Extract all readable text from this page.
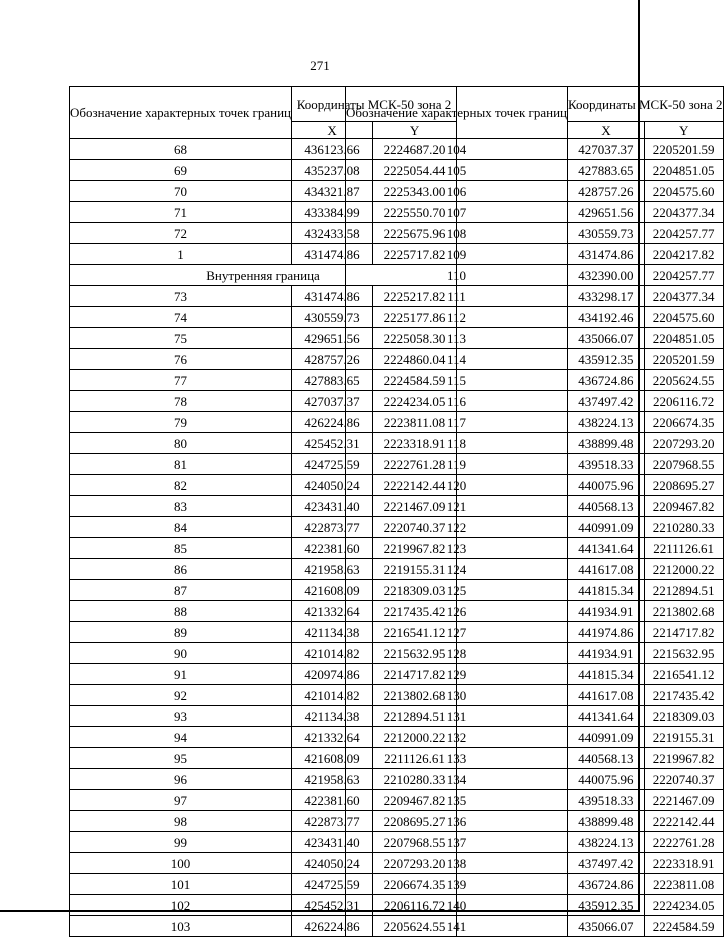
271
Обозначение характерных точек границ	Координаты МСК-50 зона 2	
	X	Y
68	436123.66	2224687.20
69	435237.08	2225054.44
70	434321.87	2225343.00
71	433384.99	2225550.70
72	432433.58	2225675.96
1	431474.86	2225717.82
Внутренняя граница		
73	431474.86	2225217.82
74	430559.73	2225177.86
75	429651.56	2225058.30
76	428757.26	2224860.04
77	427883.65	2224584.59
78	427037.37	2224234.05
79	426224.86	2223811.08
80	425452.31	2223318.91
81	424725.59	2222761.28
82	424050.24	2222142.44
83	423431.40	2221467.09
84	422873.77	2220740.37
85	422381.60	2219967.82
86	421958.63	2219155.31
87	421608.09	2218309.03
88	421332.64	2217435.42
89	421134.38	2216541.12
90	421014.82	2215632.95
91	420974.86	2214717.82
92	421014.82	2213802.68
93	421134.38	2212894.51
94	421332.64	2212000.22
95	421608.09	2211126.61
96	421958.63	2210280.33
97	422381.60	2209467.82
98	422873.77	2208695.27
99	423431.40	2207968.55
100	424050.24	2207293.20
101	424725.59	2206674.35
102	425452.31	2206116.72
103	426224.86	2205624.55
Обозначение характерных точек границ	Координаты МСК-50 зона 2	
	X	Y
104	427037.37	2205201.59
105	427883.65	2204851.05
106	428757.26	2204575.60
107	429651.56	2204377.34
108	430559.73	2204257.77
109	431474.86	2204217.82
110	432390.00	2204257.77
111	433298.17	2204377.34
112	434192.46	2204575.60
113	435066.07	2204851.05
114	435912.35	2205201.59
115	436724.86	2205624.55
116	437497.42	2206116.72
117	438224.13	2206674.35
118	438899.48	2207293.20
119	439518.33	2207968.55
120	440075.96	2208695.27
121	440568.13	2209467.82
122	440991.09	2210280.33
123	441341.64	2211126.61
124	441617.08	2212000.22
125	441815.34	2212894.51
126	441934.91	2213802.68
127	441974.86	2214717.82
128	441934.91	2215632.95
129	441815.34	2216541.12
130	441617.08	2217435.42
131	441341.64	2218309.03
132	440991.09	2219155.31
133	440568.13	2219967.82
134	440075.96	2220740.37
135	439518.33	2221467.09
136	438899.48	2222142.44
137	438224.13	2222761.28
138	437497.42	2223318.91
139	436724.86	2223811.08
140	435912.35	2224234.05
141	435066.07	2224584.59
